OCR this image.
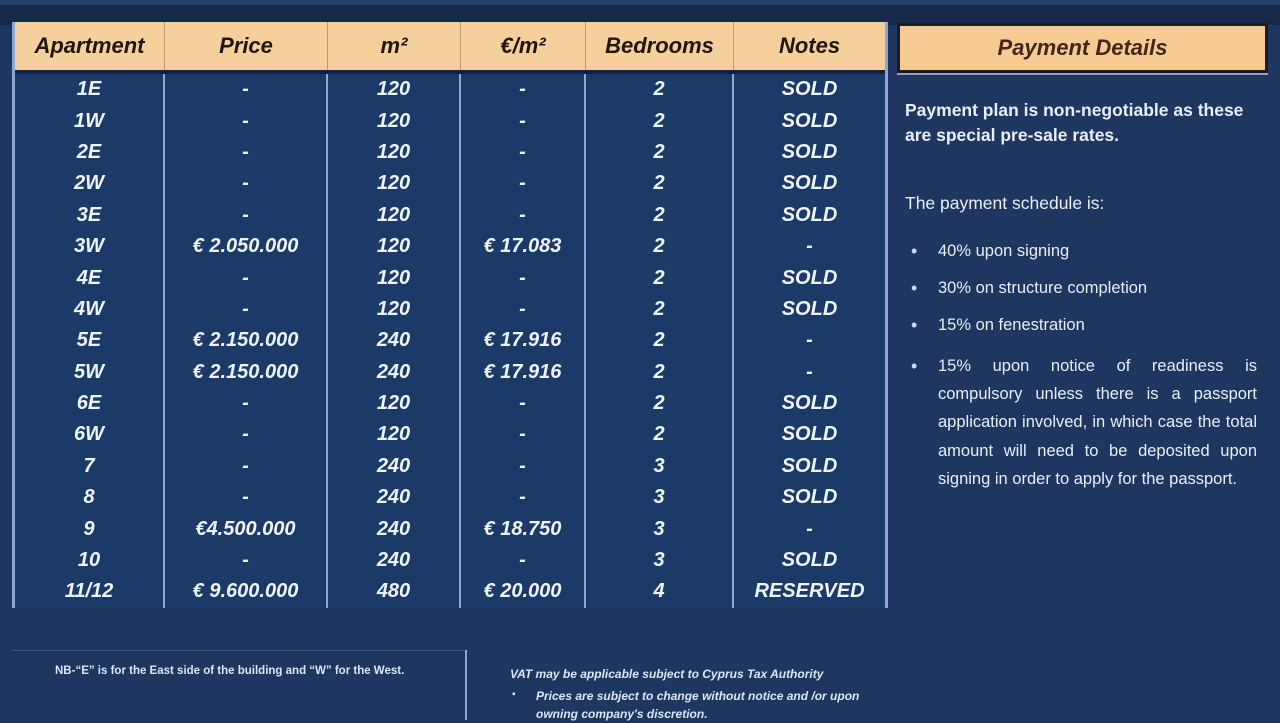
Apartment	Price	m²	€/m²	Bedrooms	Notes
1E	-	120	-	2	SOLD
1W	-	120	-	2	SOLD
2E	-	120	-	2	SOLD
2W	-	120	-	2	SOLD
3E	-	120	-	2	SOLD
3W	€ 2.050.000	120	€ 17.083	2	-
4E	-	120	-	2	SOLD
4W	-	120	-	2	SOLD
5E	€ 2.150.000	240	€ 17.916	2	-
5W	€ 2.150.000	240	€ 17.916	2	-
6E	-	120	-	2	SOLD
6W	-	120	-	2	SOLD
7	-	240	-	3	SOLD
8	-	240	-	3	SOLD
9	€4.500.000	240	€ 18.750	3	-
10	-	240	-	3	SOLD
11/12	€ 9.600.000	480	€ 20.000	4	RESERVED
Payment Details

Payment plan is non-negotiable as these are special pre-sale rates.

The payment schedule is:

• 40% upon signing
• 30% on structure completion
• 15% on fenestration
• 15% upon notice of readiness is compulsory unless there is a passport application involved, in which case the total amount will need to be deposited upon signing in order to apply for the passport.
NB-“E” is for the East side of the building and “W” for the West.	VAT may be applicable subject to Cyprus Tax Authority

▪ Prices are subject to change without notice and /or upon owning company's discretion.
